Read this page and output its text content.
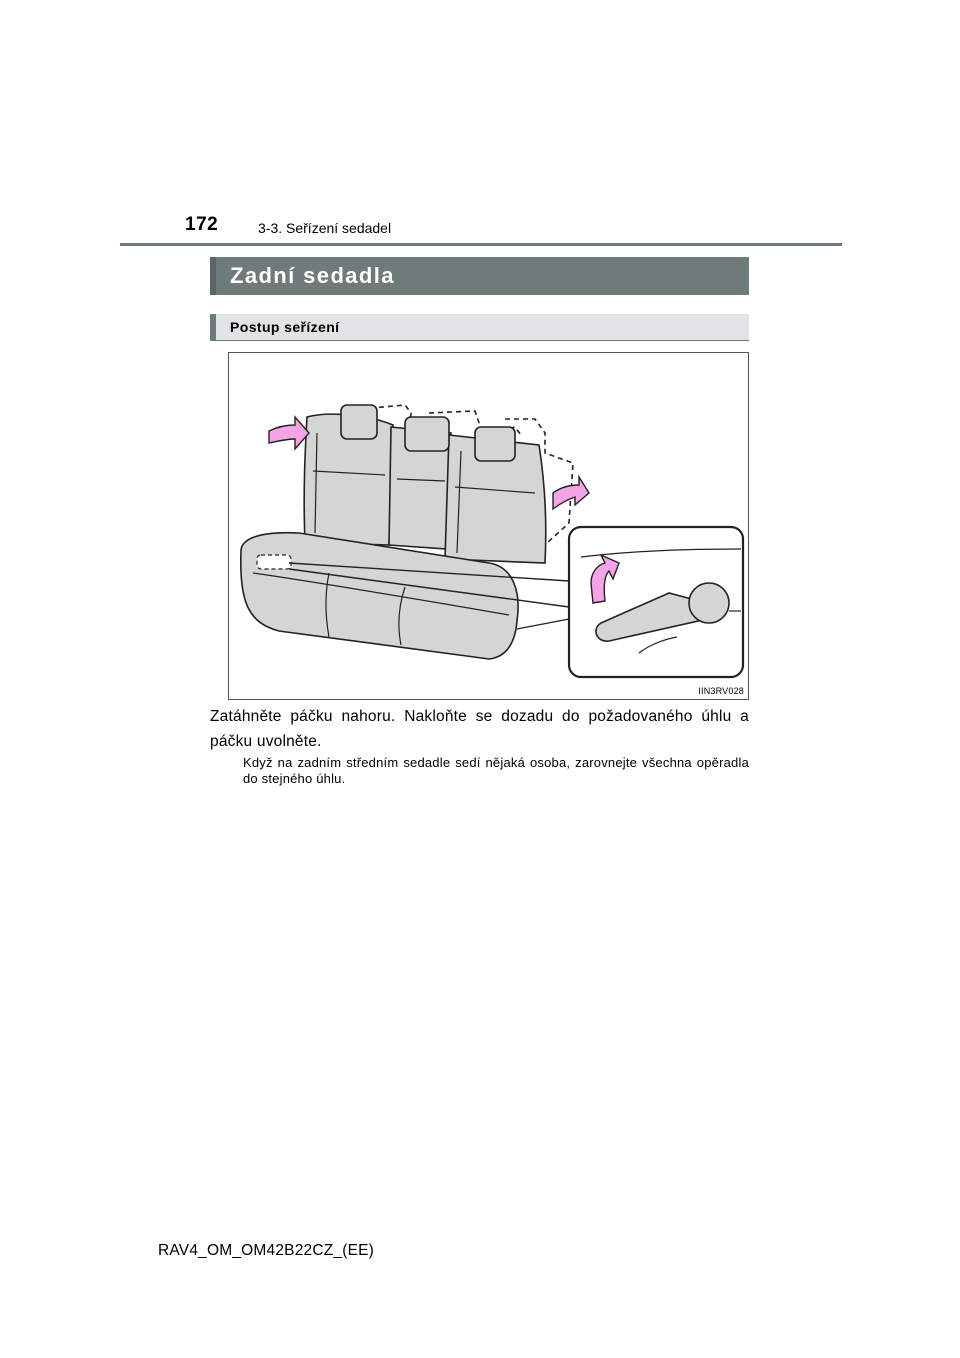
172	3-3. Seřízení sedadel
Zadní sedadla
Postup seřízení
IIN3RV028
Zatáhněte páčku nahoru. Nakloňte se dozadu do požadovaného úhlu a páčku uvolněte.
Když na zadním středním sedadle sedí nějaká osoba, zarovnejte všechna opěradla do stejného úhlu.
RAV4_OM_OM42B22CZ_(EE)
